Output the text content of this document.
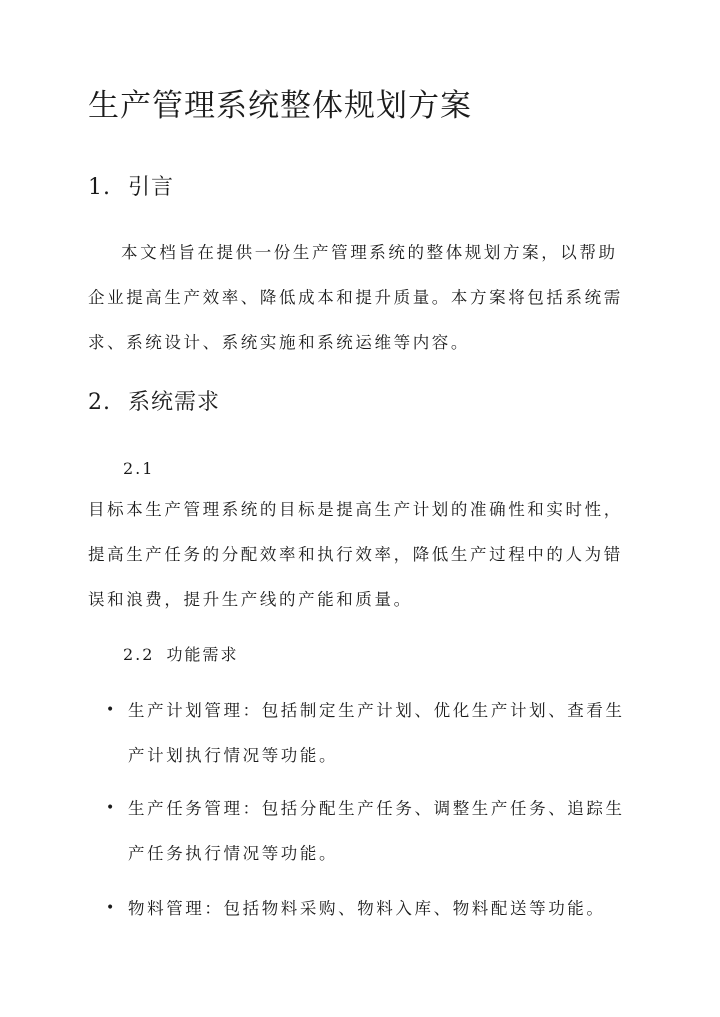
生产管理系统整体规划方案
1. 引言
本文档旨在提供一份生产管理系统的整体规划方案，以帮助企业提高生产效率、降低成本和提升质量。本方案将包括系统需求、系统设计、系统实施和系统运维等内容。
2. 系统需求
2.1
目标本生产管理系统的目标是提高生产计划的准确性和实时性，提高生产任务的分配效率和执行效率，降低生产过程中的人为错误和浪费，提升生产线的产能和质量。
2.2 功能需求
• 生产计划管理：包括制定生产计划、优化生产计划、查看生产计划执行情况等功能。
• 生产任务管理：包括分配生产任务、调整生产任务、追踪生产任务执行情况等功能。
• 物料管理：包括物料采购、物料入库、物料配送等功能。
